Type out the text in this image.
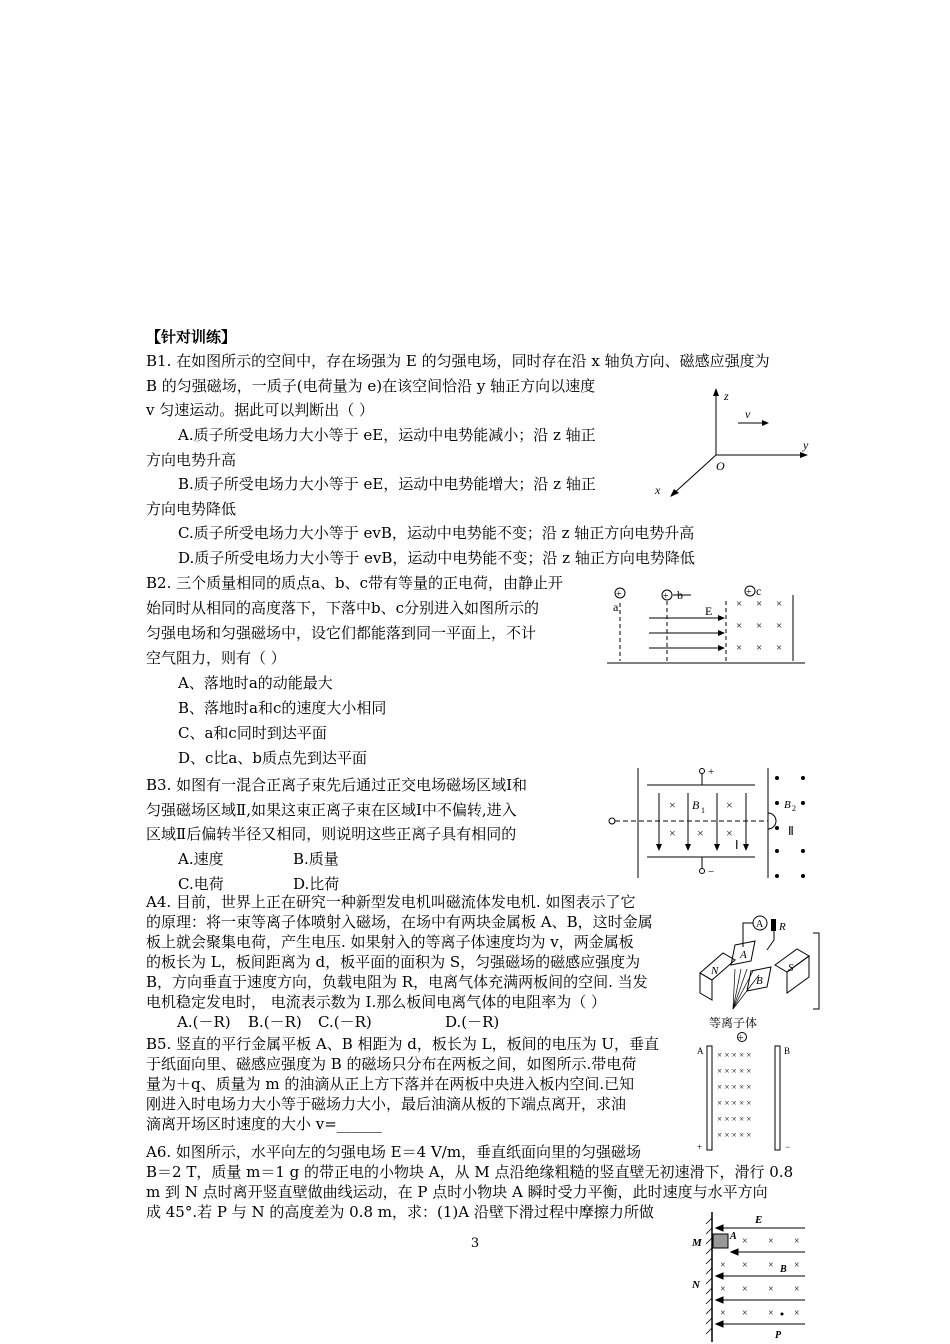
【针对训练】
B1. 在如图所示的空间中，存在场强为 E 的匀强电场，同时存在沿 x 轴负方向、磁感应强度为
B 的匀强磁场，一质子(电荷量为 e)在该空间恰沿 y 轴正方向以速度
v 匀速运动。据此可以判断出（ ）
A.质子所受电场力大小等于 eE，运动中电势能减小；沿 z 轴正
方向电势升高
B.质子所受电场力大小等于 eE，运动中电势能增大；沿 z 轴正
方向电势降低
C.质子所受电场力大小等于 evB，运动中电势能不变；沿 z 轴正方向电势升高
D.质子所受电场力大小等于 evB，运动中电势能不变；沿 z 轴正方向电势降低
z
y
x
O
v
B2. 三个质量相同的质点a、b、c带有等量的正电荷，由静止开
始同时从相同的高度落下，下落中b、c分别进入如图所示的
匀强电场和匀强磁场中，设它们都能落到同一平面上，不计
空气阻力，则有（ ）
A、落地时a的动能最大
B、落地时a和c的速度大小相同
C、a和c同时到达平面
D、c比a、b质点先到达平面
+
a
+ b	+ c
E × × ×
× × ×
× × ×
B3. 如图有一混合正离子束先后通过正交电场磁场区域Ⅰ和
匀强磁场区域Ⅱ,如果这束正离子束在区域Ⅰ中不偏转,进入
区域Ⅱ后偏转半径又相同，则说明这些正离子具有相同的
A.速度	B.质量
C.电荷	D.比荷
+
−
×	×
× × ×
B 1
Ⅰ
B 2
Ⅱ
A4. 目前，世界上正在研究一种新型发电机叫磁流体发电机. 如图表示了它
的原理：将一束等离子体喷射入磁场，在场中有两块金属板 A、B，这时金属
板上就会聚集电荷，产生电压. 如果射入的等离子体速度均为 v，两金属板
的板长为 L，板间距离为 d，板平面的面积为 S，匀强磁场的磁感应强度为
B，方向垂直于速度方向，负载电阻为 R，电离气体充满两板间的空间. 当发
电机稳定发电时， 电流表示数为 I.那么板间电离气体的电阻率为（ ）
A.(－R)	B.(－R)	C.(－R)	D.(－R)
A R
A
B
N	S
等离子体
B5. 竖直的平行金属平板 A、B 相距为 d，板长为 L，板间的电压为 U，垂直
于纸面向里、磁感应强度为 B 的磁场只分布在两板之间，如图所示.带电荷
量为＋q、质量为 m 的油滴从正上方下落并在两板中央进入板内空间.已知
刚进入时电场力大小等于磁场力大小，最后油滴从板的下端点离开，求油
滴离开场区时速度的大小 v=______
+
A	B
+	−
× × × × ×
× × × × ×
× × × × ×
× × × × ×
× × × × ×
× × × × ×
A6. 如图所示，水平向左的匀强电场 E＝4 V/m，垂直纸面向里的匀强磁场
B＝2 T，质量 m＝1 g 的带正电的小物块 A，从 M 点沿绝缘粗糙的竖直壁无初速滑下，滑行 0.8
m 到 N 点时离开竖直壁做曲线运动，在 P 点时小物块 A 瞬时受力平衡，此时速度与水平方向
成 45°.若 P 与 N 的高度差为 0.8 m，求：(1)A 沿壁下滑过程中摩擦力所做
A
M
N
E
× × ×
× × × ×
× × × ×
× × × ×
B
P
3
